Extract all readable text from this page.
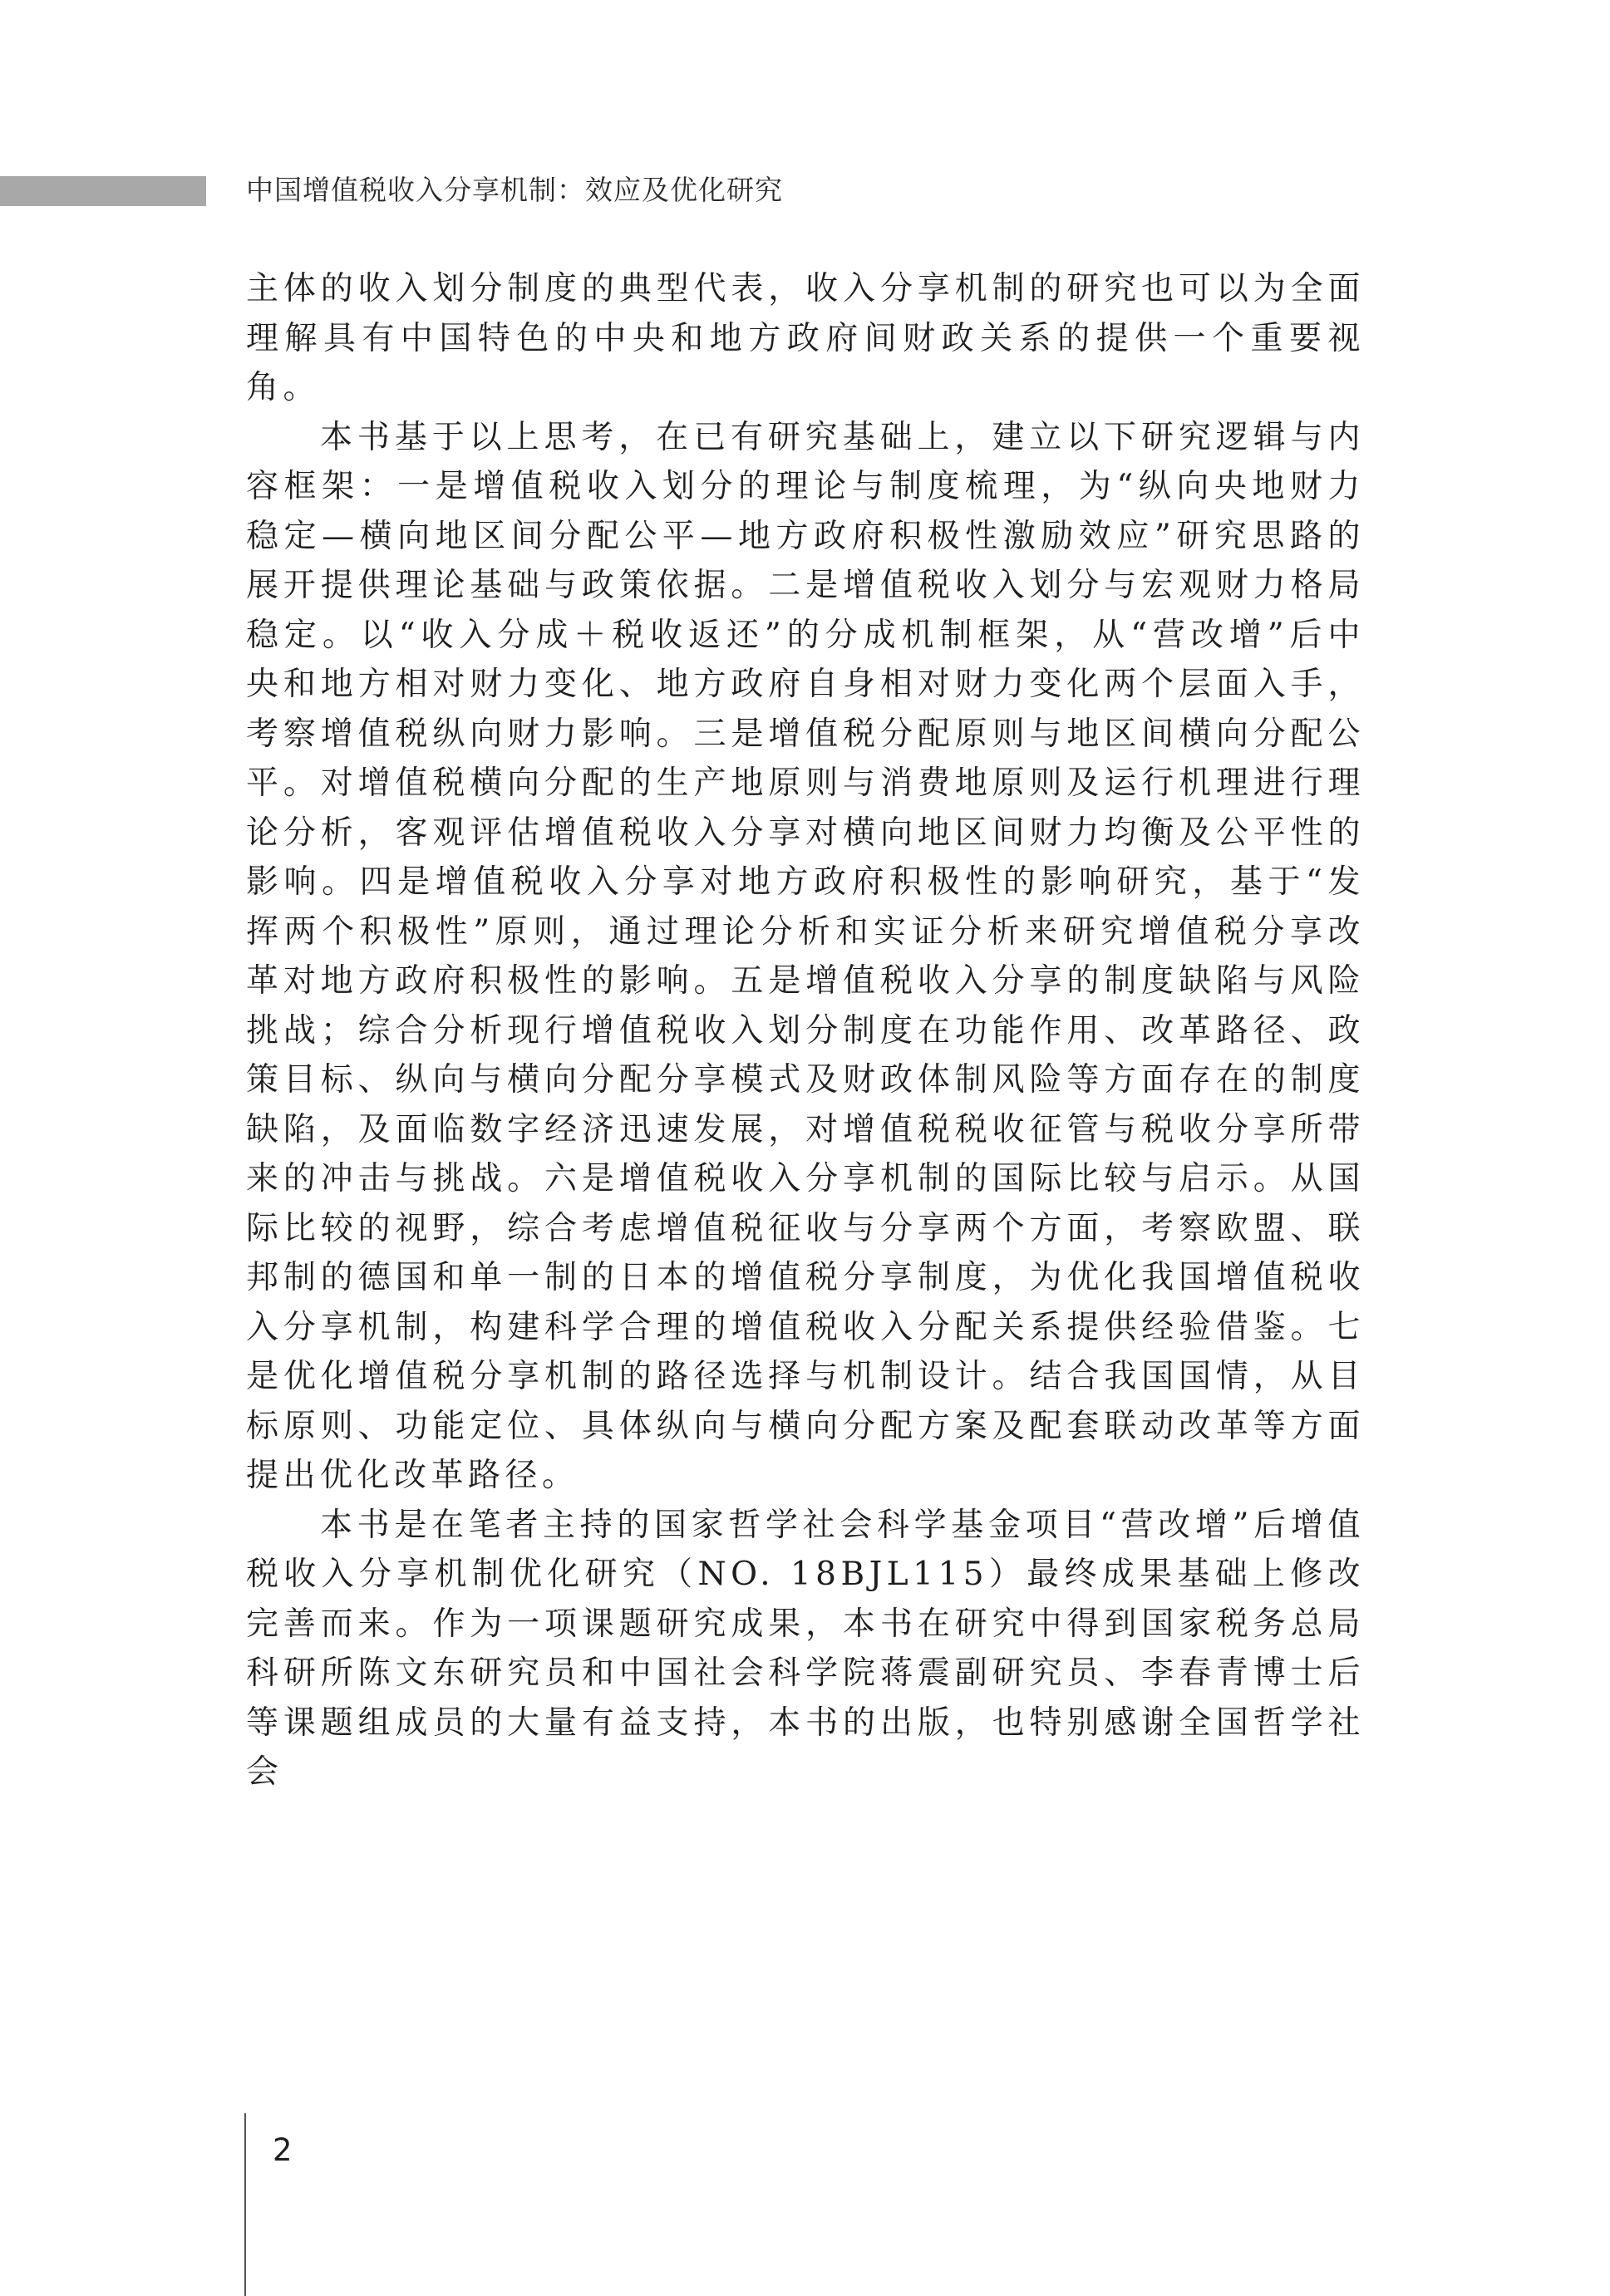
中国增值税收入分享机制：效应及优化研究

主体的收入划分制度的典型代表，收入分享机制的研究也可以为全面理解具有中国特色的中央和地方政府间财政关系的提供一个重要视角。

本书基于以上思考，在已有研究基础上，建立以下研究逻辑与内容框架：一是增值税收入划分的理论与制度梳理，为“纵向央地财力稳定—横向地区间分配公平—地方政府积极性激励效应”研究思路的展开提供理论基础与政策依据。二是增值税收入划分与宏观财力格局稳定。以“收入分成＋税收返还”的分成机制框架，从“营改增”后中央和地方相对财力变化、地方政府自身相对财力变化两个层面入手，考察增值税纵向财力影响。三是增值税分配原则与地区间横向分配公平。对增值税横向分配的生产地原则与消费地原则及运行机理进行理论分析，客观评估增值税收入分享对横向地区间财力均衡及公平性的影响。四是增值税收入分享对地方政府积极性的影响研究，基于“发挥两个积极性”原则，通过理论分析和实证分析来研究增值税分享改革对地方政府积极性的影响。五是增值税收入分享的制度缺陷与风险挑战；综合分析现行增值税收入划分制度在功能作用、改革路径、政策目标、纵向与横向分配分享模式及财政体制风险等方面存在的制度缺陷，及面临数字经济迅速发展，对增值税税收征管与税收分享所带来的冲击与挑战。六是增值税收入分享机制的国际比较与启示。从国际比较的视野，综合考虑增值税征收与分享两个方面，考察欧盟、联邦制的德国和单一制的日本的增值税分享制度，为优化我国增值税收入分享机制，构建科学合理的增值税收入分配关系提供经验借鉴。七是优化增值税分享机制的路径选择与机制设计。结合我国国情，从目标原则、功能定位、具体纵向与横向分配方案及配套联动改革等方面提出优化改革路径。

本书是在笔者主持的国家哲学社会科学基金项目“营改增”后增值税收入分享机制优化研究（NO. 18BJL115）最终成果基础上修改完善而来。作为一项课题研究成果，本书在研究中得到国家税务总局科研所陈文东研究员和中国社会科学院蒋震副研究员、李春青博士后等课题组成员的大量有益支持，本书的出版，也特别感谢全国哲学社会

2
